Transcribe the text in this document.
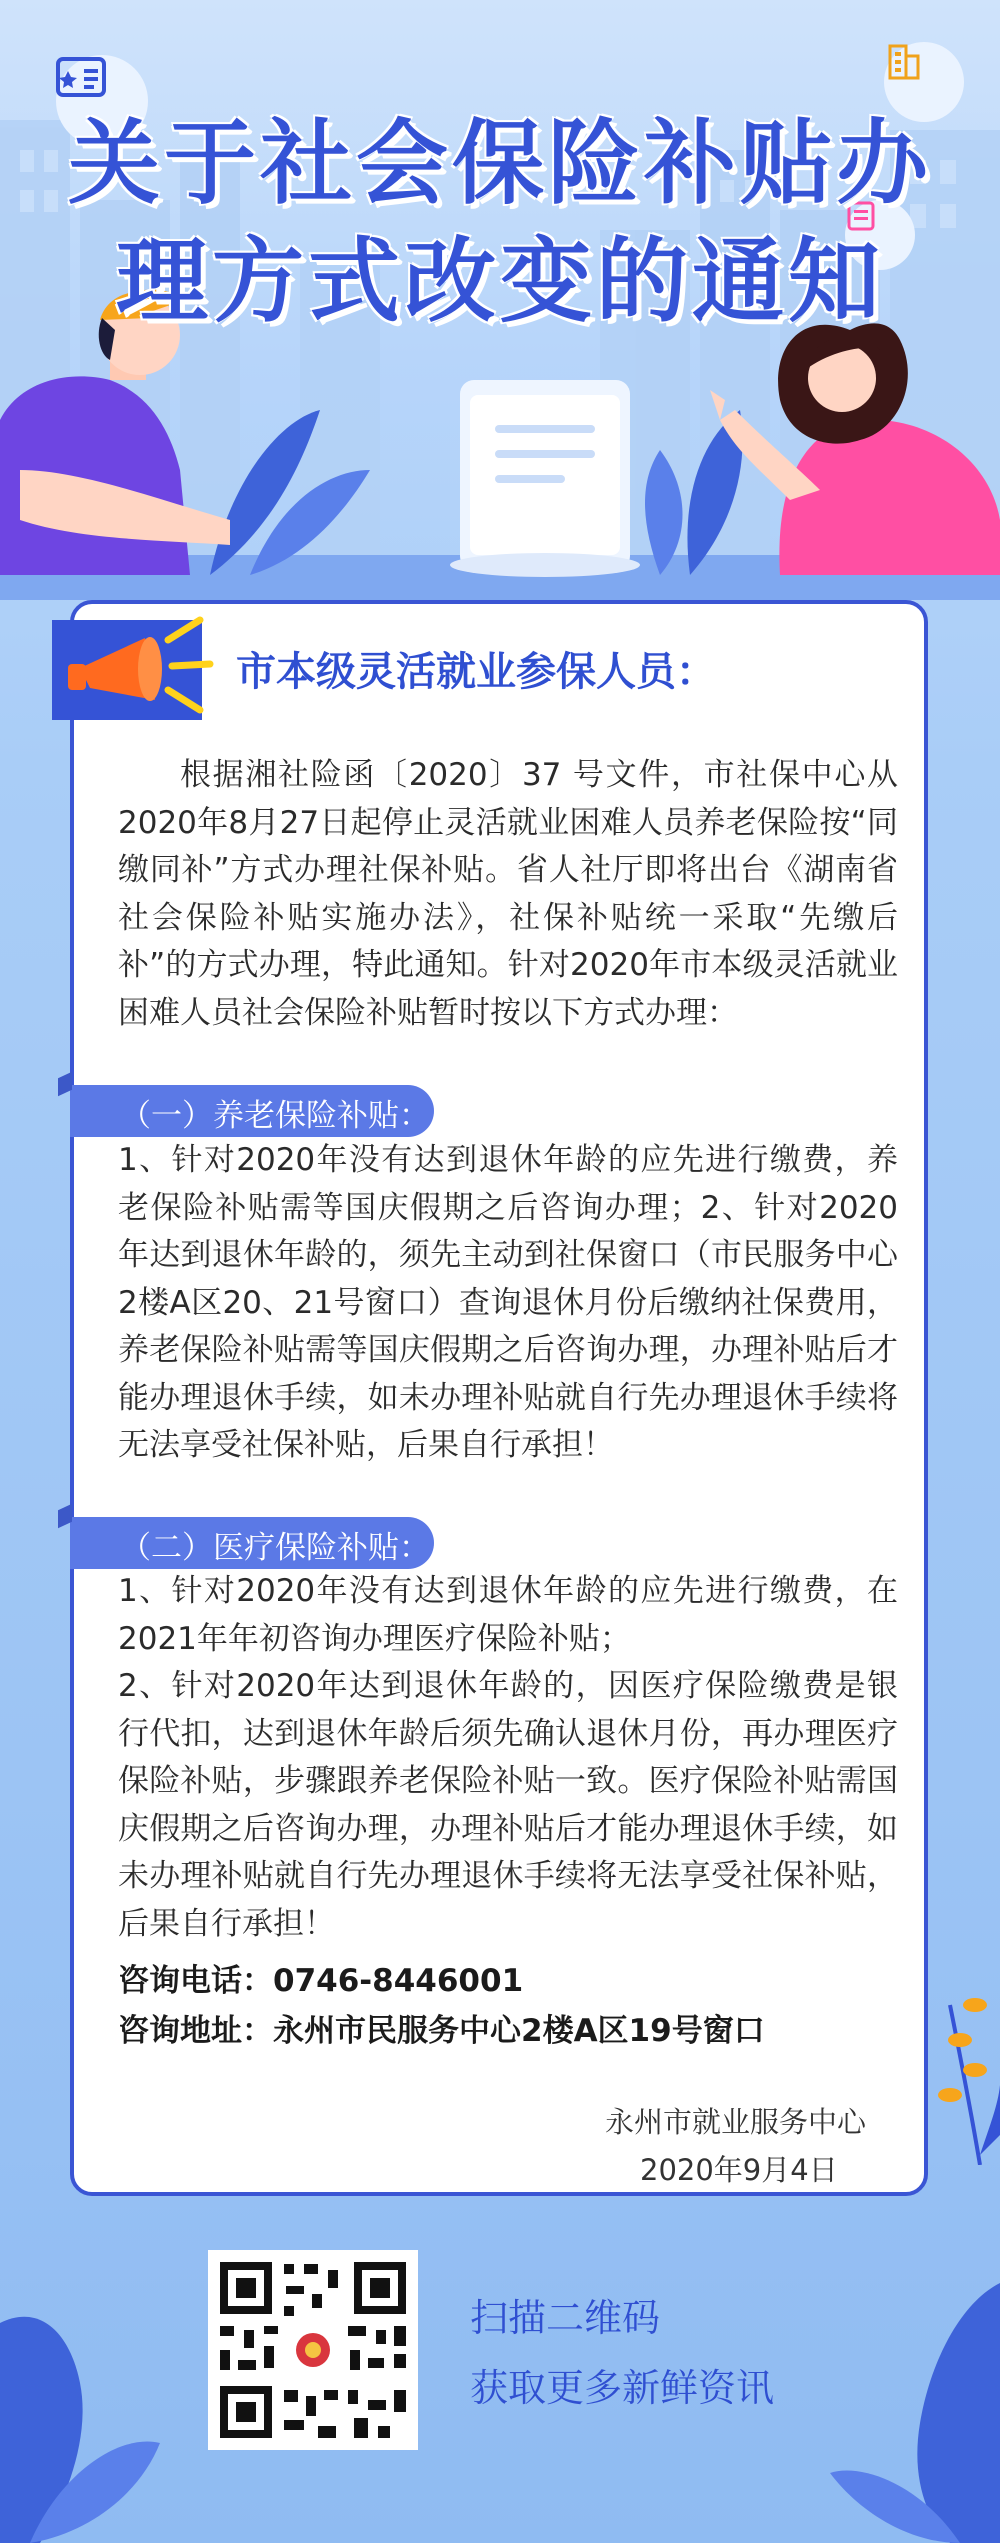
关于社会保险补贴办
理方式改变的通知
市本级灵活就业参保人员：

根据湘社险函〔2020〕37 号文件，市社保中心从2020年8月27日起停止灵活就业困难人员养老保险按“同缴同补”方式办理社保补贴。省人社厅即将出台《湖南省社会保险补贴实施办法》，社保补贴统一采取“先缴后补”的方式办理，特此通知。针对2020年市本级灵活就业困难人员社会保险补贴暂时按以下方式办理：

（一）养老保险补贴：

1、针对2020年没有达到退休年龄的应先进行缴费，养老保险补贴需等国庆假期之后咨询办理；2、针对2020年达到退休年龄的，须先主动到社保窗口（市民服务中心2楼A区20、21号窗口）查询退休月份后缴纳社保费用，养老保险补贴需等国庆假期之后咨询办理，办理补贴后才能办理退休手续，如未办理补贴就自行先办理退休手续将无法享受社保补贴，后果自行承担！

（二）医疗保险补贴：

1、针对2020年没有达到退休年龄的应先进行缴费，在2021年年初咨询办理医疗保险补贴；

2、针对2020年达到退休年龄的，因医疗保险缴费是银行代扣，达到退休年龄后须先确认退休月份，再办理医疗保险补贴，步骤跟养老保险补贴一致。医疗保险补贴需国庆假期之后咨询办理，办理补贴后才能办理退休手续，如未办理补贴就自行先办理退休手续将无法享受社保补贴，后果自行承担！

咨询电话：0746-8446001
咨询地址：永州市民服务中心2楼A区19号窗口
永州市就业服务中心
2020年9月4日
扫描二维码
获取更多新鲜资讯
